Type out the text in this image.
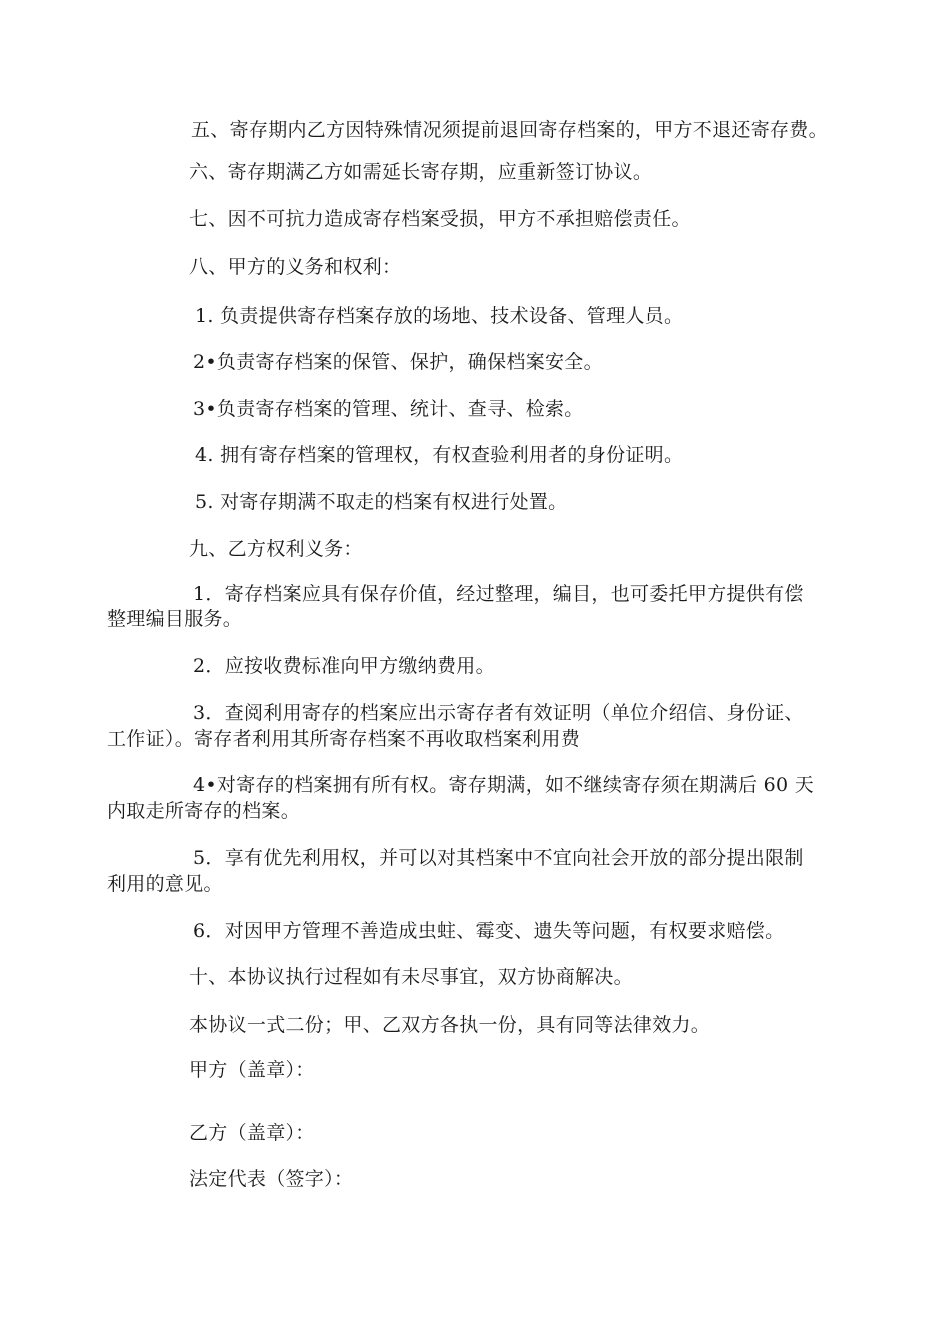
五、寄存期内乙方因特殊情况须提前退回寄存档案的，甲方不退还寄存费。
六、寄存期满乙方如需延长寄存期，应重新签订协议。
七、因不可抗力造成寄存档案受损，甲方不承担赔偿责任。
八、甲方的义务和权利：
1. 负责提供寄存档案存放的场地、技术设备、管理人员。
2•负责寄存档案的保管、保护，确保档案安全。
3•负责寄存档案的管理、统计、查寻、检索。
4. 拥有寄存档案的管理权，有权查验利用者的身份证明。
5. 对寄存期满不取走的档案有权进行处置。
九、乙方权利义务：
1．寄存档案应具有保存价值，经过整理，编目，也可委托甲方提供有偿
整理编目服务。
2．应按收费标准向甲方缴纳费用。
3．查阅利用寄存的档案应出示寄存者有效证明（单位介绍信、身份证、
工作证）。寄存者利用其所寄存档案不再收取档案利用费
4•对寄存的档案拥有所有权。寄存期满，如不继续寄存须在期满后 60 天
内取走所寄存的档案。
5．享有优先利用权，并可以对其档案中不宜向社会开放的部分提出限制
利用的意见。
6．对因甲方管理不善造成虫蛀、霉变、遗失等问题，有权要求赔偿。
十、本协议执行过程如有未尽事宜，双方协商解决。
本协议一式二份；甲、乙双方各执一份，具有同等法律效力。
甲方（盖章）：
乙方（盖章）：
法定代表（签字）：
